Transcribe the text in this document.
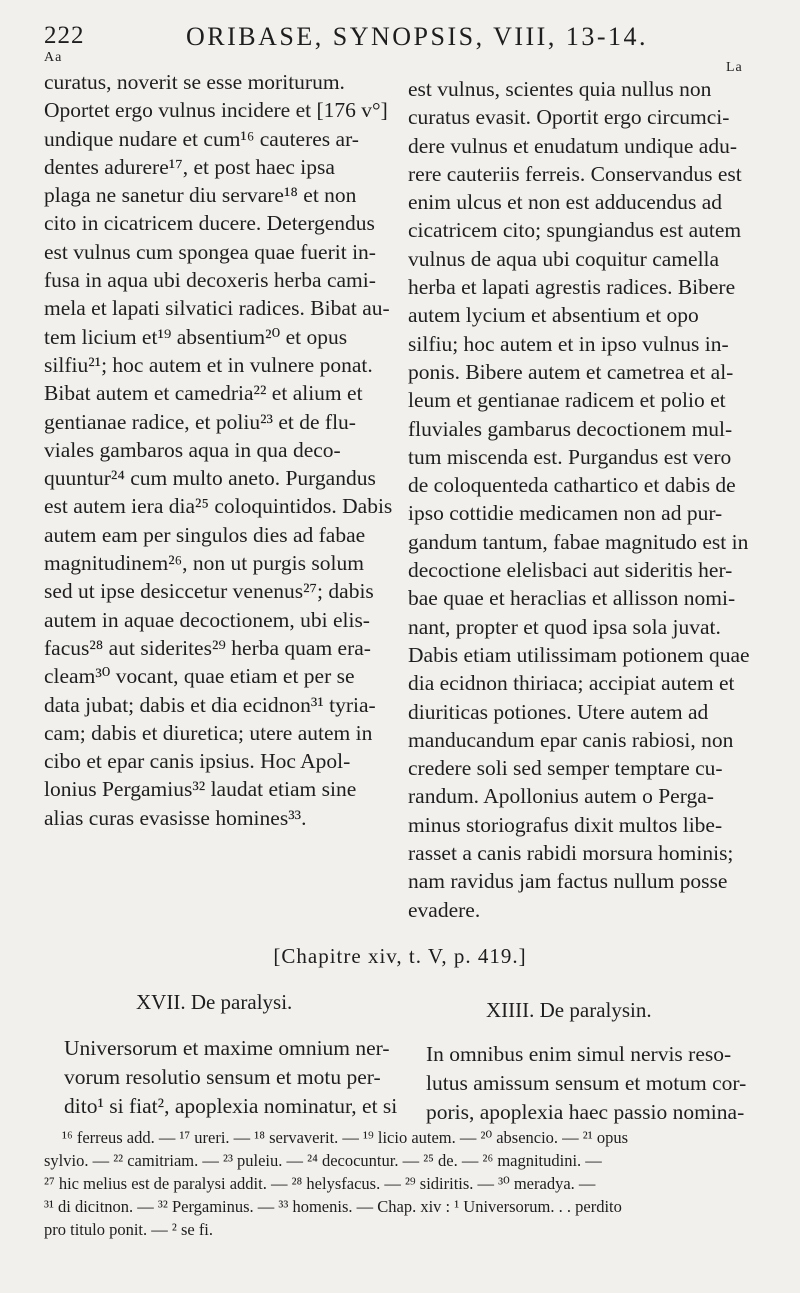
222	ORIBASE, SYNOPSIS, VIII, 13-14.
Aa
La
curatus, noverit se esse moriturum.
Oportet ergo vulnus incidere et [176 v°]
undique nudare et cum¹⁶ cauteres ar-
dentes adurere¹⁷, et post haec ipsa
plaga ne sanetur diu servare¹⁸ et non
cito in cicatricem ducere. Detergendus
est vulnus cum spongea quae fuerit in-
fusa in aqua ubi decoxeris herba cami-
mela et lapati silvatici radices. Bibat au-
tem licium et¹⁹ absentium²⁰ et opus
silfiu²¹; hoc autem et in vulnere ponat.
Bibat autem et camedria²² et alium et
gentianae radice, et poliu²³ et de flu-
viales gambaros aqua in qua deco-
quuntur²⁴ cum multo aneto. Purgandus
est autem iera dia²⁵ coloquintidos. Dabis
autem eam per singulos dies ad fabae
magnitudinem²⁶, non ut purgis solum
sed ut ipse desiccetur venenus²⁷; dabis
autem in aquae decoctionem, ubi elis-
facus²⁸ aut siderites²⁹ herba quam era-
cleam³⁰ vocant, quae etiam et per se
data jubat; dabis et dia ecidnon³¹ tyria-
cam; dabis et diuretica; utere autem in
cibo et epar canis ipsius. Hoc Apol-
lonius Pergamius³² laudat etiam sine
alias curas evasisse homines³³.
est vulnus, scientes quia nullus non
curatus evasit. Oportit ergo circumci-
dere vulnus et enudatum undique adu-
rere cauteriis ferreis. Conservandus est
enim ulcus et non est adducendus ad
cicatricem cito; spungiandus est autem
vulnus de aqua ubi coquitur camella
herba et lapati agrestis radices. Bibere
autem lycium et absentium et opo
silfiu; hoc autem et in ipso vulnus in-
ponis. Bibere autem et cametrea et al-
leum et gentianae radicem et polio et
fluviales gambarus decoctionem mul-
tum miscenda est. Purgandus est vero
de coloquenteda cathartico et dabis de
ipso cottidie medicamen non ad pur-
gandum tantum, fabae magnitudo est in
decoctione elelisbaci aut sideritis her-
bae quae et heraclias et allisson nomi-
nant, propter et quod ipsa sola juvat.
Dabis etiam utilissimam potionem quae
dia ecidnon thiriaca; accipiat autem et
diuriticas potiones. Utere autem ad
manducandum epar canis rabiosi, non
credere soli sed semper temptare cu-
randum. Apollonius autem o Perga-
minus storiografus dixit multos libe-
rasset a canis rabidi morsura hominis;
nam ravidus jam factus nullum posse
evadere.
[Chapitre xiv, t. V, p. 419.]
XVII. De paralysi.	XIIII. De paralysin.
Universorum et maxime omnium ner-
vorum resolutio sensum et motu per-
dito¹ si fiat², apoplexia nominatur, et si
In omnibus enim simul nervis reso-
lutus amissum sensum et motum cor-
poris, apoplexia haec passio nomina-
¹⁶ ferreus add. — ¹⁷ ureri. — ¹⁸ servaverit. — ¹⁹ licio autem. — ²⁰ absencio. — ²¹ opus
sylvio. — ²² camitriam. — ²³ puleiu. — ²⁴ decocuntur. — ²⁵ de. — ²⁶ magnitudini. —
²⁷ hic melius est de paralysi addit. — ²⁸ helysfacus. — ²⁹ sidiritis. — ³⁰ meradya. —
³¹ di dicitnon. — ³² Pergaminus. — ³³ homenis. — Chap. xiv : ¹ Universorum. . . perdito
pro titulo ponit. — ² se fi.
